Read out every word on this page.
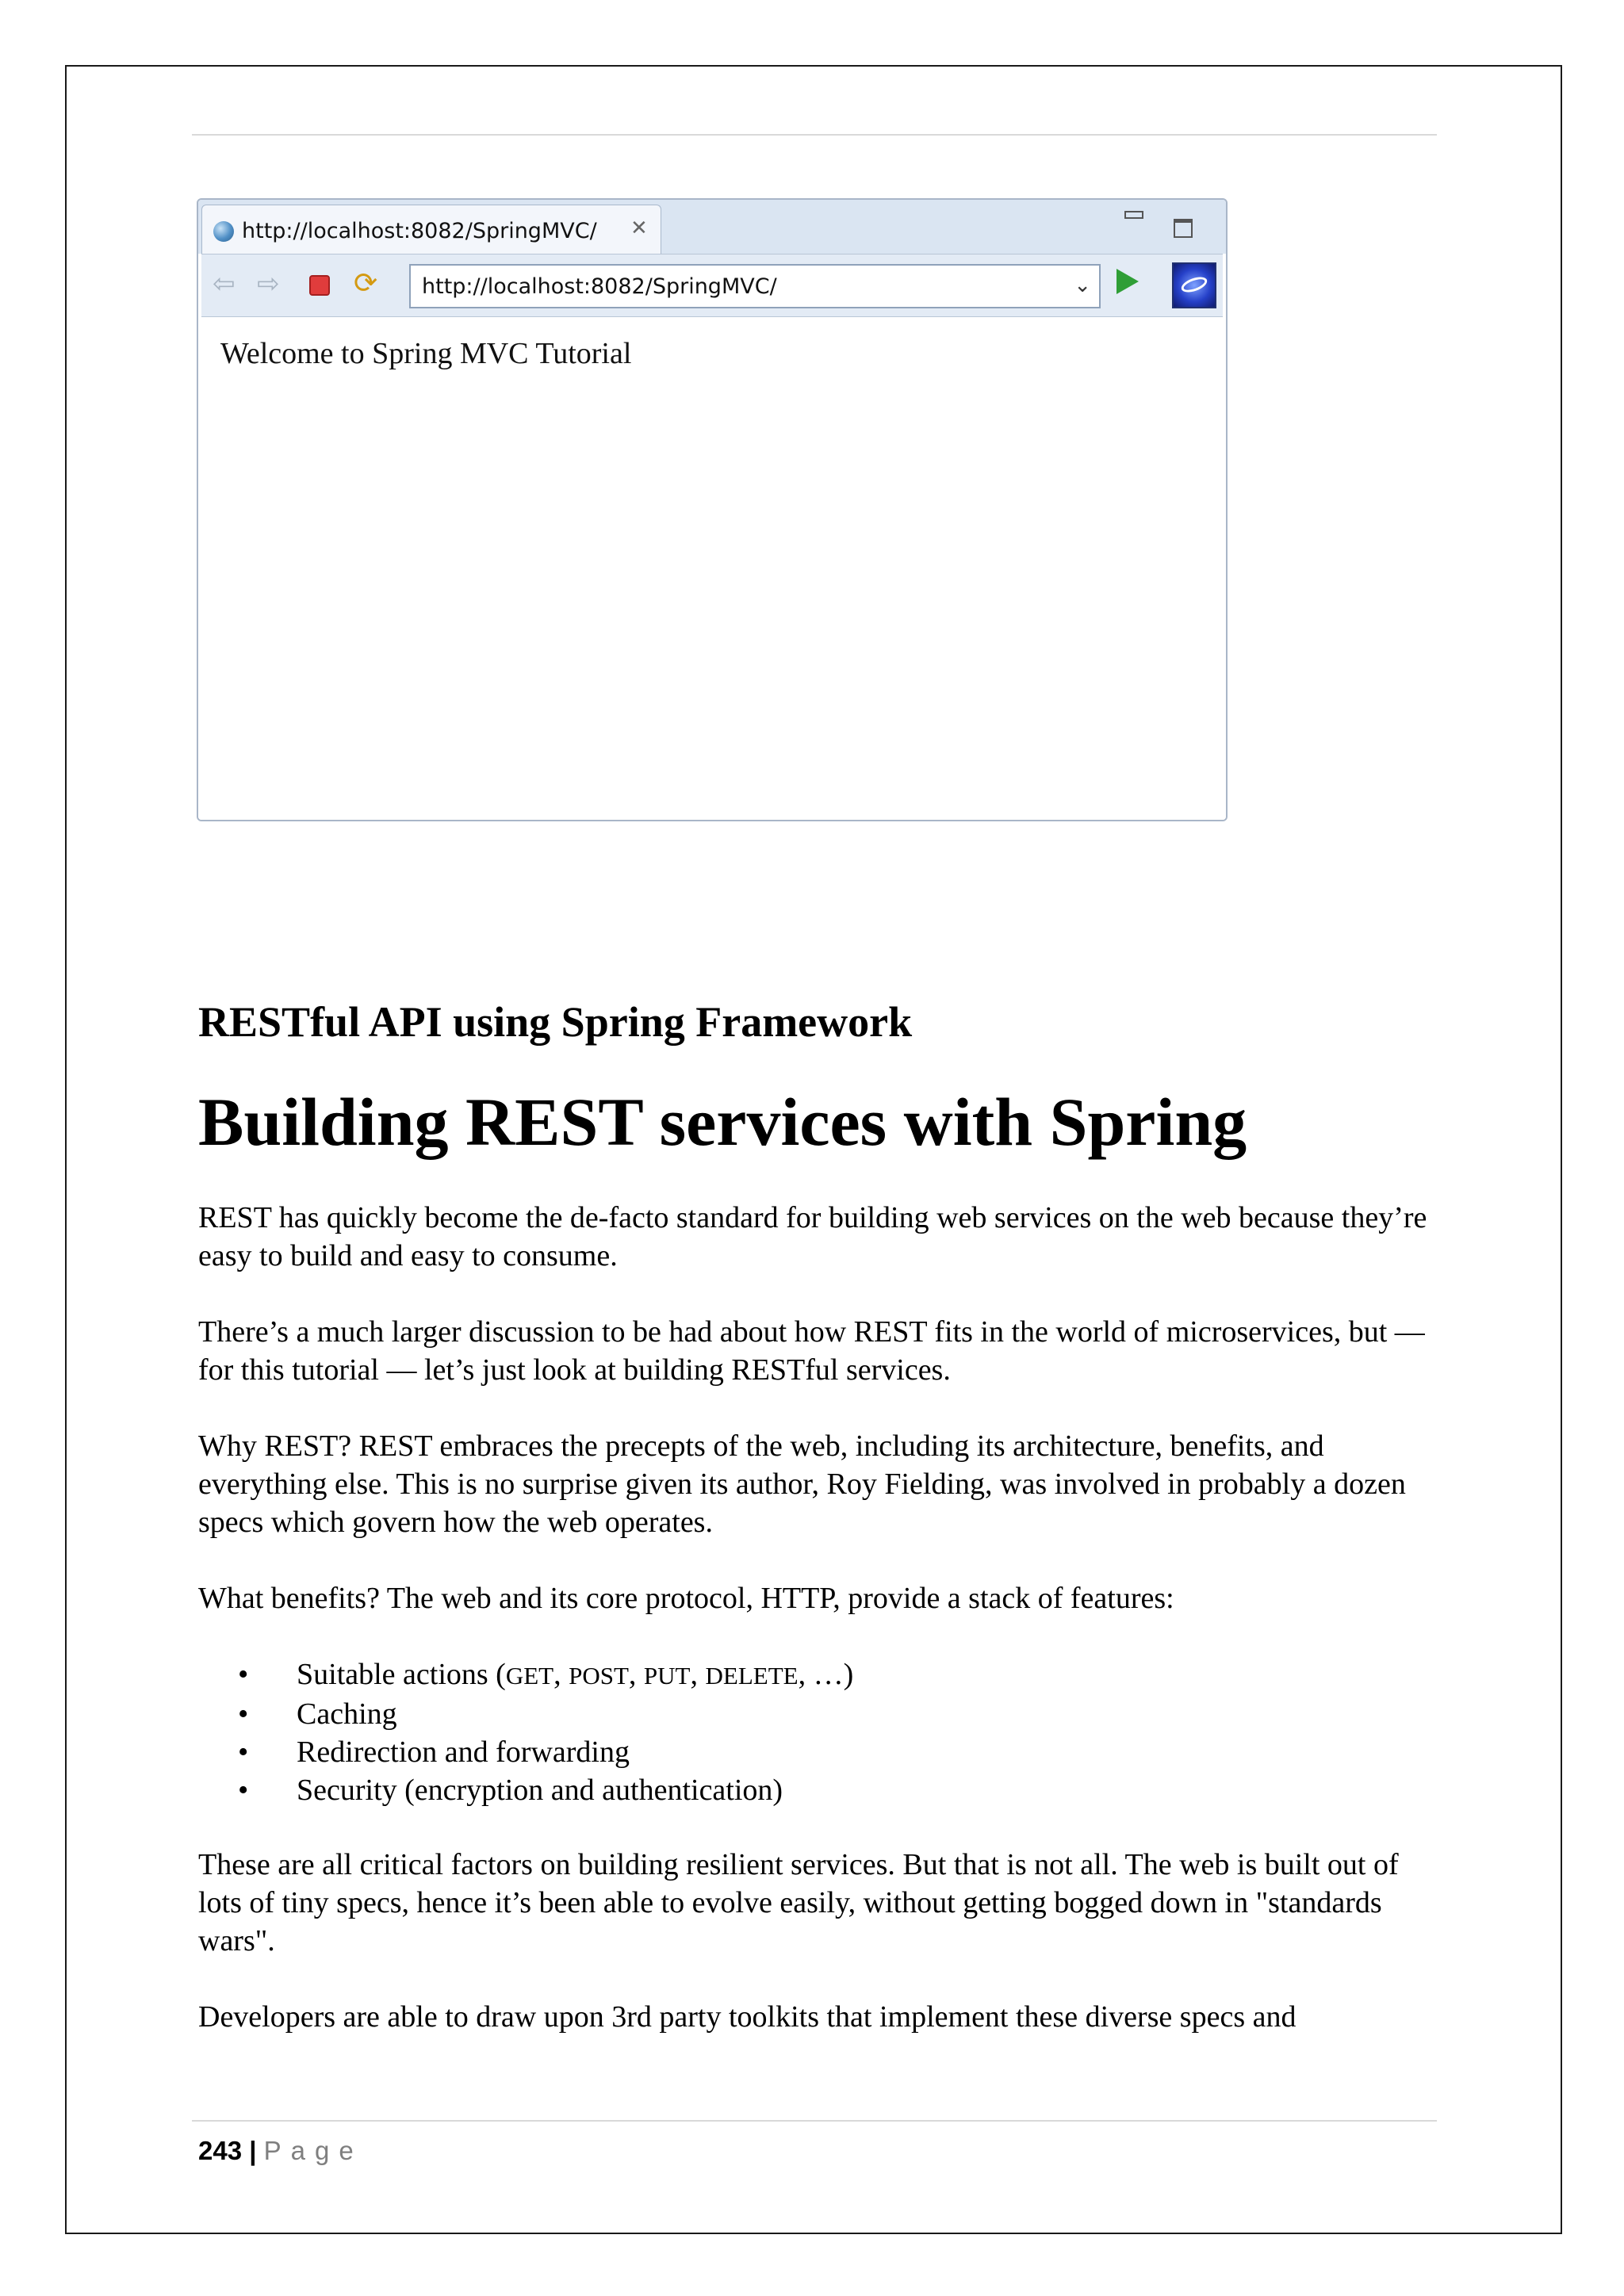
http://localhost:8082/SpringMVC/ ✕
⇦ ⇨	⟳ http://localhost:8082/SpringMVC/	⌄
Welcome to Spring MVC Tutorial
RESTful API using Spring Framework
Building REST services with Spring

REST has quickly become the de-facto standard for building web services on the web because they’re easy to build and easy to consume.

There’s a much larger discussion to be had about how REST fits in the world of microservices, but — for this tutorial — let’s just look at building RESTful services.

Why REST? REST embraces the precepts of the web, including its architecture, benefits, and everything else. This is no surprise given its author, Roy Fielding, was involved in probably a dozen specs which govern how the web operates.

What benefits? The web and its core protocol, HTTP, provide a stack of features:

• Suitable actions (GET, POST, PUT, DELETE, …)
• Caching
• Redirection and forwarding
• Security (encryption and authentication)

These are all critical factors on building resilient services. But that is not all. The web is built out of lots of tiny specs, hence it’s been able to evolve easily, without getting bogged down in "standards wars".

Developers are able to draw upon 3rd party toolkits that implement these diverse specs and

243 | Page
